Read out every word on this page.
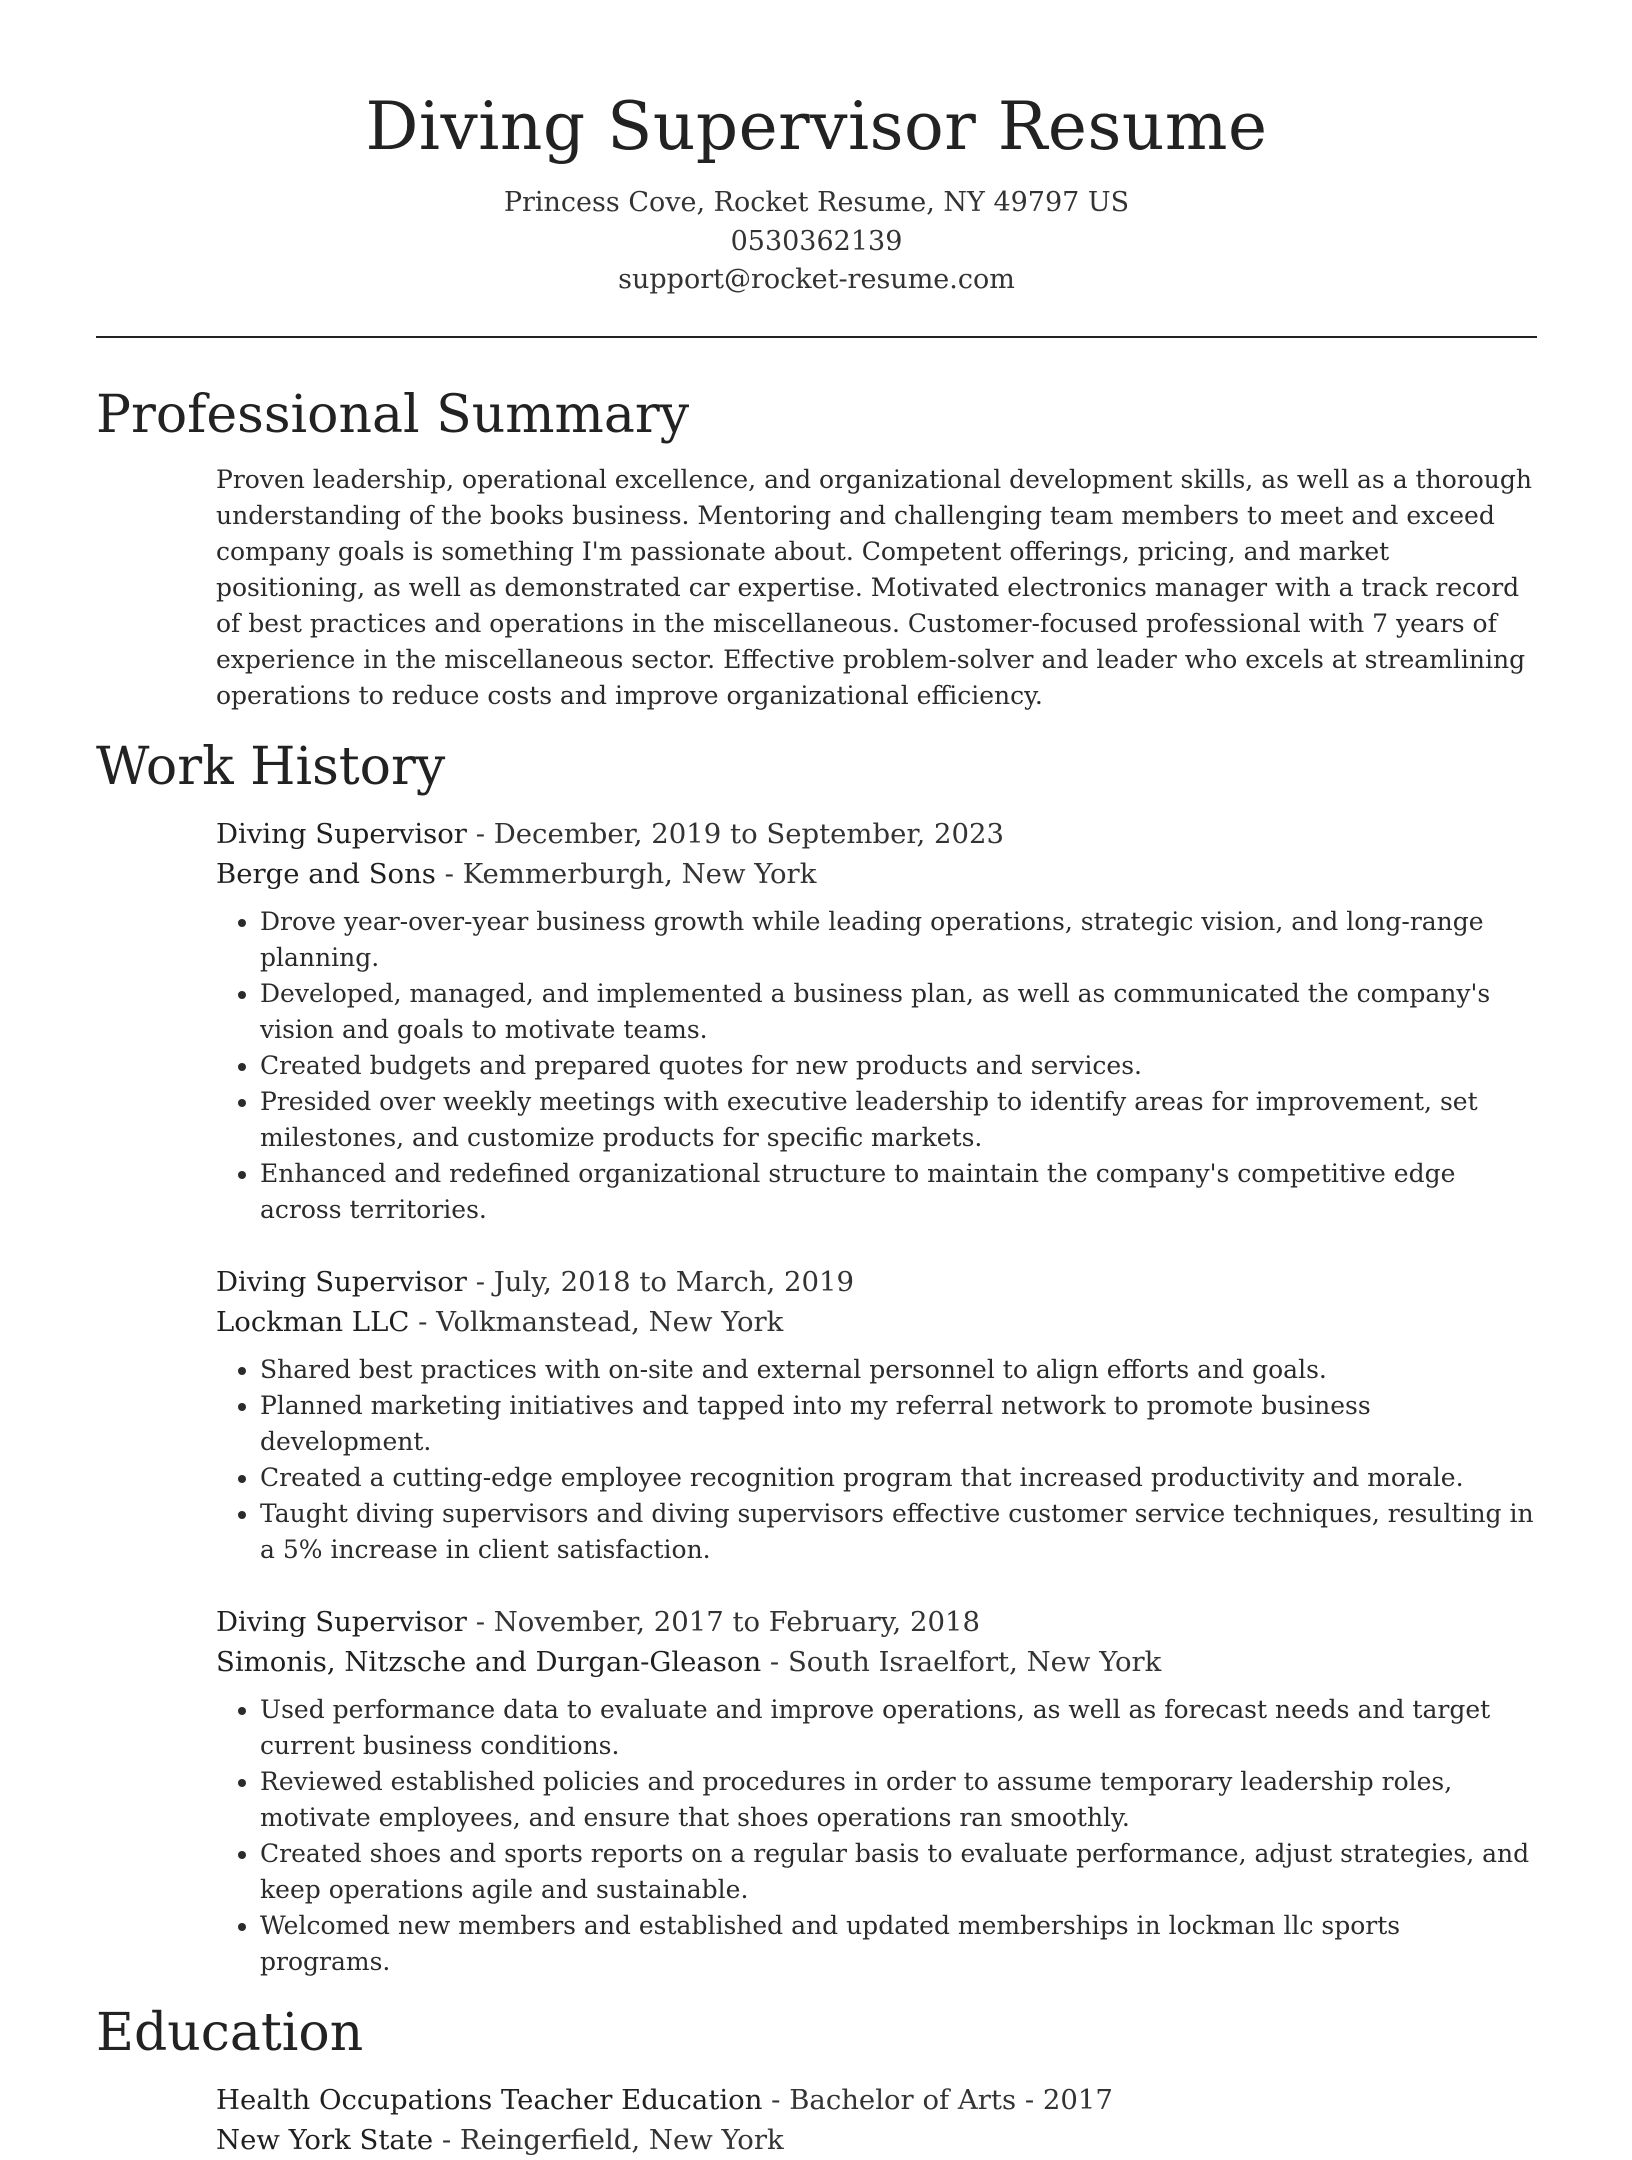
Diving Supervisor Resume
Princess Cove, Rocket Resume, NY 49797 US
0530362139
support@rocket-resume.com
Professional Summary
Proven leadership, operational excellence, and organizational development skills, as well as a thorough understanding of the books business. Mentoring and challenging team members to meet and exceed company goals is something I'm passionate about. Competent offerings, pricing, and market positioning, as well as demonstrated car expertise. Motivated electronics manager with a track record of best practices and operations in the miscellaneous. Customer-focused professional with 7 years of experience in the miscellaneous sector. Effective problem-solver and leader who excels at streamlining operations to reduce costs and improve organizational efficiency.
Work History
Diving Supervisor - December, 2019 to September, 2023
Berge and Sons - Kemmerburgh, New York
• Drove year-over-year business growth while leading operations, strategic vision, and long-range planning.
• Developed, managed, and implemented a business plan, as well as communicated the company's vision and goals to motivate teams.
• Created budgets and prepared quotes for new products and services.
• Presided over weekly meetings with executive leadership to identify areas for improvement, set milestones, and customize products for specific markets.
• Enhanced and redefined organizational structure to maintain the company's competitive edge across territories.
Diving Supervisor - July, 2018 to March, 2019
Lockman LLC - Volkmanstead, New York
• Shared best practices with on-site and external personnel to align efforts and goals.
• Planned marketing initiatives and tapped into my referral network to promote business development.
• Created a cutting-edge employee recognition program that increased productivity and morale.
• Taught diving supervisors and diving supervisors effective customer service techniques, resulting in a 5% increase in client satisfaction.
Diving Supervisor - November, 2017 to February, 2018
Simonis, Nitzsche and Durgan-Gleason - South Israelfort, New York
• Used performance data to evaluate and improve operations, as well as forecast needs and target current business conditions.
• Reviewed established policies and procedures in order to assume temporary leadership roles, motivate employees, and ensure that shoes operations ran smoothly.
• Created shoes and sports reports on a regular basis to evaluate performance, adjust strategies, and keep operations agile and sustainable.
• Welcomed new members and established and updated memberships in lockman llc sports programs.
Education
Health Occupations Teacher Education - Bachelor of Arts - 2017
New York State - Reingerfield, New York
